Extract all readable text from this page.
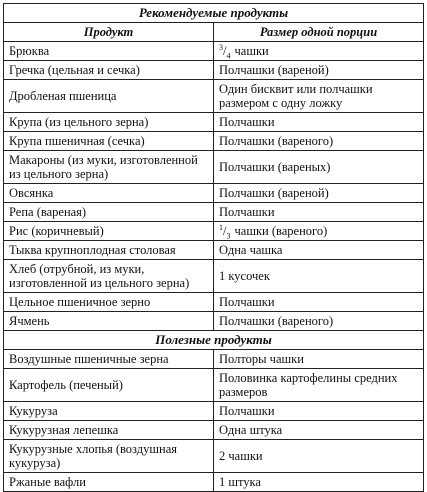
Рекомендуемые продукты	
Продукт	Размер одной порции
Брюква	$^3/_4$ чашки
Гречка (цельная и сечка)	Полчашки (вареной)
Дробленая пшеница	Один бисквит или полчашки размером с одну ложку
Крупа (из цельного зерна)	Полчашки
Крупа пшеничная (сечка)	Полчашки (вареного)
Макароны (из муки, изготовленной из цельного зерна)	Полчашки (вареных)
Овсянка	Полчашки (вареной)
Репа (вареная)	Полчашки
Рис (коричневый)	$^1/_3$ чашки (вареного)
Тыква крупноплодная столовая	Одна чашка
Хлеб (отрубной, из муки, изготовленной из цельного зерна)	1 кусочек
Цельное пшеничное зерно	Полчашки
Ячмень	Полчашки (вареного)
Полезные продукты	
Воздушные пшеничные зерна	Полторы чашки
Картофель (печеный)	Половинка картофелины средних размеров
Кукуруза	Полчашки
Кукурузная лепешка	Одна штука
Кукурузные хлопья (воздушная кукуруза)	2 чашки
Ржаные вафли	1 штука
